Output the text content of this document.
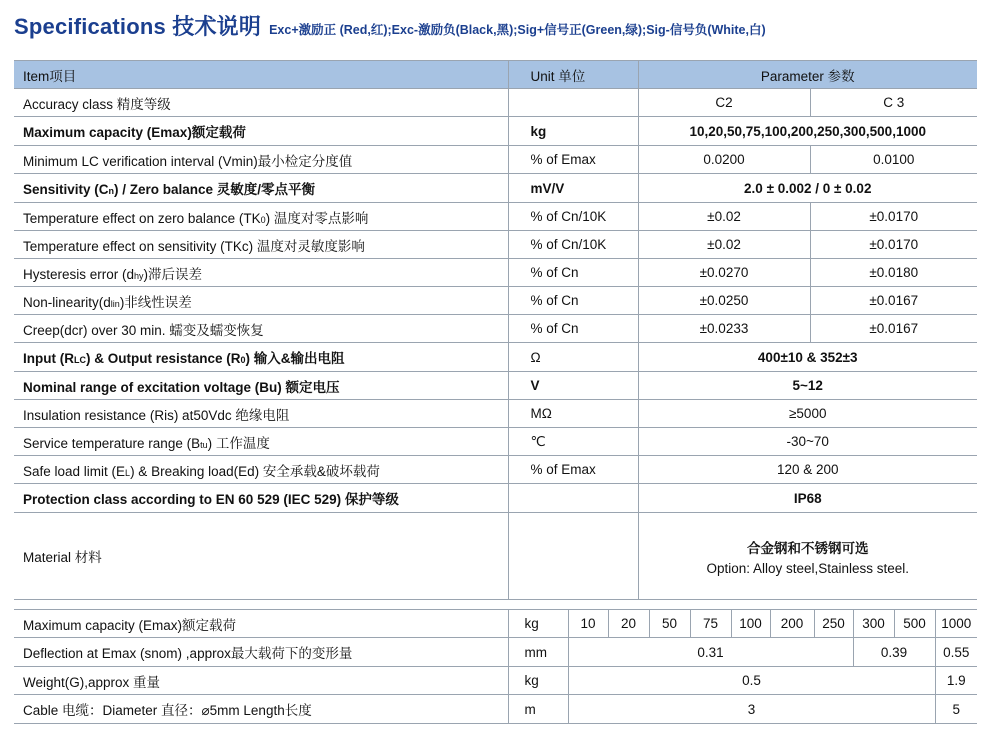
Specifications 技术说明 Exc+激励正 (Red,红);Exc-激励负(Black,黑);Sig+信号正(Green,绿);Sig-信号负(White,白)
Item项目	Unit 单位	Parameter 参数	
Accuracy class 精度等级		C2	C 3
Maximum capacity (Emax)额定载荷	kg	10,20,50,75,100,200,250,300,500,1000	
Minimum LC verification interval (Vmin)最小检定分度值	% of Emax	0.0200	0.0100
Sensitivity (Cn) / Zero balance 灵敏度/零点平衡	mV/V	2.0 ± 0.002 / 0 ± 0.02	
Temperature effect on zero balance (TK0) 温度对零点影响	% of Cn/10K	±0.02	±0.0170
Temperature effect on sensitivity (TKc) 温度对灵敏度影响	% of Cn/10K	±0.02	±0.0170
Hysteresis error (dhy)滞后误差	% of Cn	±0.0270	±0.0180
Non-linearity(dlin)非线性误差	% of Cn	±0.0250	±0.0167
Creep(dcr) over 30 min. 蠕变及蠕变恢复	% of Cn	±0.0233	±0.0167
Input (RLC) & Output resistance (R0) 输入&输出电阻	Ω	400±10 & 352±3	
Nominal range of excitation voltage (Bu) 额定电压	V	5~12	
Insulation resistance (Ris) at50Vdc 绝缘电阻	MΩ	≥5000	
Service temperature range (Btu) 工作温度	℃	-30~70	
Safe load limit (EL) & Breaking load(Ed) 安全承载&破坏载荷	% of Emax	120 & 200	
Protection class according to EN 60 529 (IEC 529) 保护等级		IP68	
Material 材料		合金钢和不锈钢可选
Option: Alloy steel,Stainless steel.	
Maximum capacity (Emax)额定载荷	kg	10	20	50	75	100	200	250	300	500	1000
Deflection at Emax (snom) ,approx最大载荷下的变形量	mm	0.31							0.39		0.55
Weight(G),approx 重量	kg	0.5									1.9
Cable 电缆：Diameter 直径：⌀5mm Length长度	m	3									5
